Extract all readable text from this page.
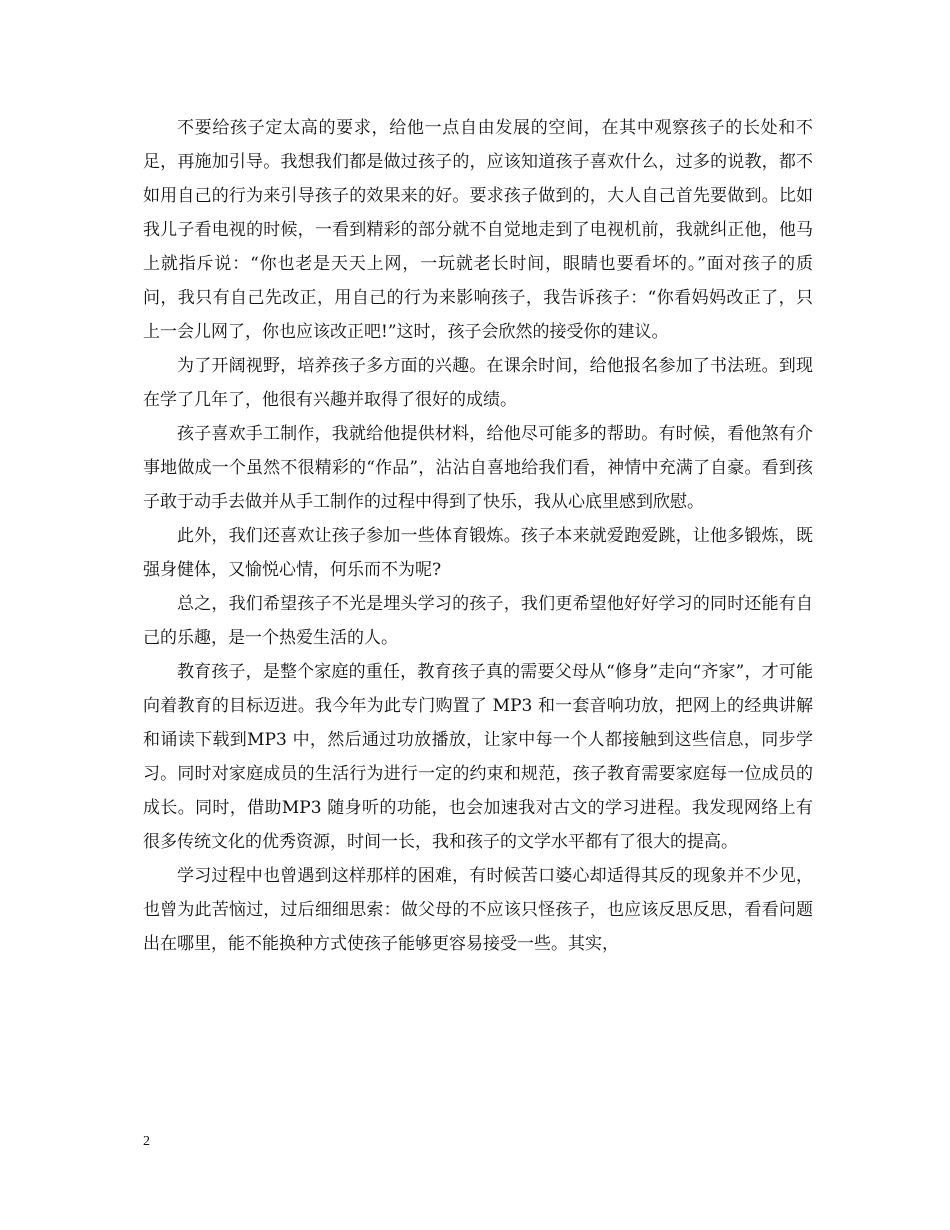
不要给孩子定太高的要求，给他一点自由发展的空间，在其中观察孩子的长处和不足，再施加引导。我想我们都是做过孩子的，应该知道孩子喜欢什么，过多的说教，都不如用自己的行为来引导孩子的效果来的好。要求孩子做到的，大人自己首先要做到。比如我儿子看电视的时候，一看到精彩的部分就不自觉地走到了电视机前，我就纠正他，他马上就指斥说：“你也老是天天上网，一玩就老长时间，眼睛也要看坏的。”面对孩子的质问，我只有自己先改正，用自己的行为来影响孩子，我告诉孩子：“你看妈妈改正了，只上一会儿网了，你也应该改正吧!”这时，孩子会欣然的接受你的建议。

为了开阔视野，培养孩子多方面的兴趣。在课余时间，给他报名参加了书法班。到现在学了几年了，他很有兴趣并取得了很好的成绩。

孩子喜欢手工制作，我就给他提供材料，给他尽可能多的帮助。有时候，看他煞有介事地做成一个虽然不很精彩的“作品”，沾沾自喜地给我们看，神情中充满了自豪。看到孩子敢于动手去做并从手工制作的过程中得到了快乐，我从心底里感到欣慰。

此外，我们还喜欢让孩子参加一些体育锻炼。孩子本来就爱跑爱跳，让他多锻炼，既强身健体，又愉悦心情，何乐而不为呢?

总之，我们希望孩子不光是埋头学习的孩子，我们更希望他好好学习的同时还能有自己的乐趣，是一个热爱生活的人。

教育孩子，是整个家庭的重任，教育孩子真的需要父母从“修身”走向“齐家”，才可能向着教育的目标迈进。我今年为此专门购置了 MP3 和一套音响功放，把网上的经典讲解和诵读下载到MP3 中，然后通过功放播放，让家中每一个人都接触到这些信息，同步学习。同时对家庭成员的生活行为进行一定的约束和规范，孩子教育需要家庭每一位成员的成长。同时，借助MP3 随身听的功能，也会加速我对古文的学习进程。我发现网络上有很多传统文化的优秀资源，时间一长，我和孩子的文学水平都有了很大的提高。

学习过程中也曾遇到这样那样的困难，有时候苦口婆心却适得其反的现象并不少见，也曾为此苦恼过，过后细细思索：做父母的不应该只怪孩子，也应该反思反思，看看问题出在哪里，能不能换种方式使孩子能够更容易接受一些。其实，

2
